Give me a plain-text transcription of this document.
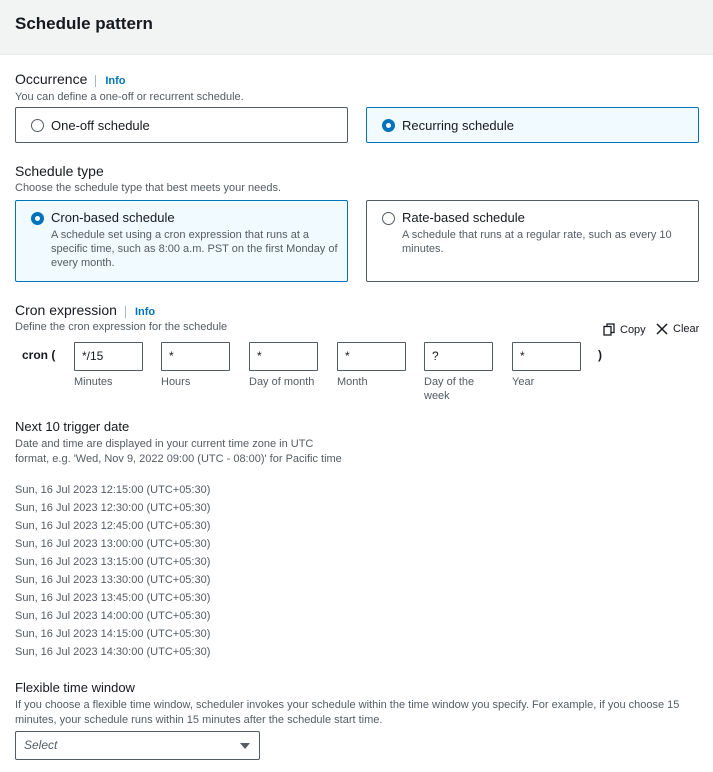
Schedule pattern
Occurrence Info
You can define a one-off or recurrent schedule.
One-off schedule	Recurring schedule
Schedule type
Choose the schedule type that best meets your needs.
Cron-based schedule
A schedule set using a cron expression that runs at a specific time, such as 8:00 a.m. PST on the first Monday of every month.
Rate-based schedule
A schedule that runs at a regular rate, such as every 10 minutes.
Cron expression Info
Define the cron expression for the schedule	Copy Clear
cron (	*/15
Minutes
*
Hours
*
Day of month
*
Month
?
Day of the week
*
Year
)
Next 10 trigger date
Date and time are displayed in your current time zone in UTC
format, e.g. 'Wed, Nov 9, 2022 09:00 (UTC - 08:00)' for Pacific time
Sun, 16 Jul 2023 12:15:00 (UTC+05:30)
Sun, 16 Jul 2023 12:30:00 (UTC+05:30)
Sun, 16 Jul 2023 12:45:00 (UTC+05:30)
Sun, 16 Jul 2023 13:00:00 (UTC+05:30)
Sun, 16 Jul 2023 13:15:00 (UTC+05:30)
Sun, 16 Jul 2023 13:30:00 (UTC+05:30)
Sun, 16 Jul 2023 13:45:00 (UTC+05:30)
Sun, 16 Jul 2023 14:00:00 (UTC+05:30)
Sun, 16 Jul 2023 14:15:00 (UTC+05:30)
Sun, 16 Jul 2023 14:30:00 (UTC+05:30)
Flexible time window
If you choose a flexible time window, scheduler invokes your schedule within the time window you specify. For example, if you choose 15
minutes, your schedule runs within 15 minutes after the schedule start time.
Select
